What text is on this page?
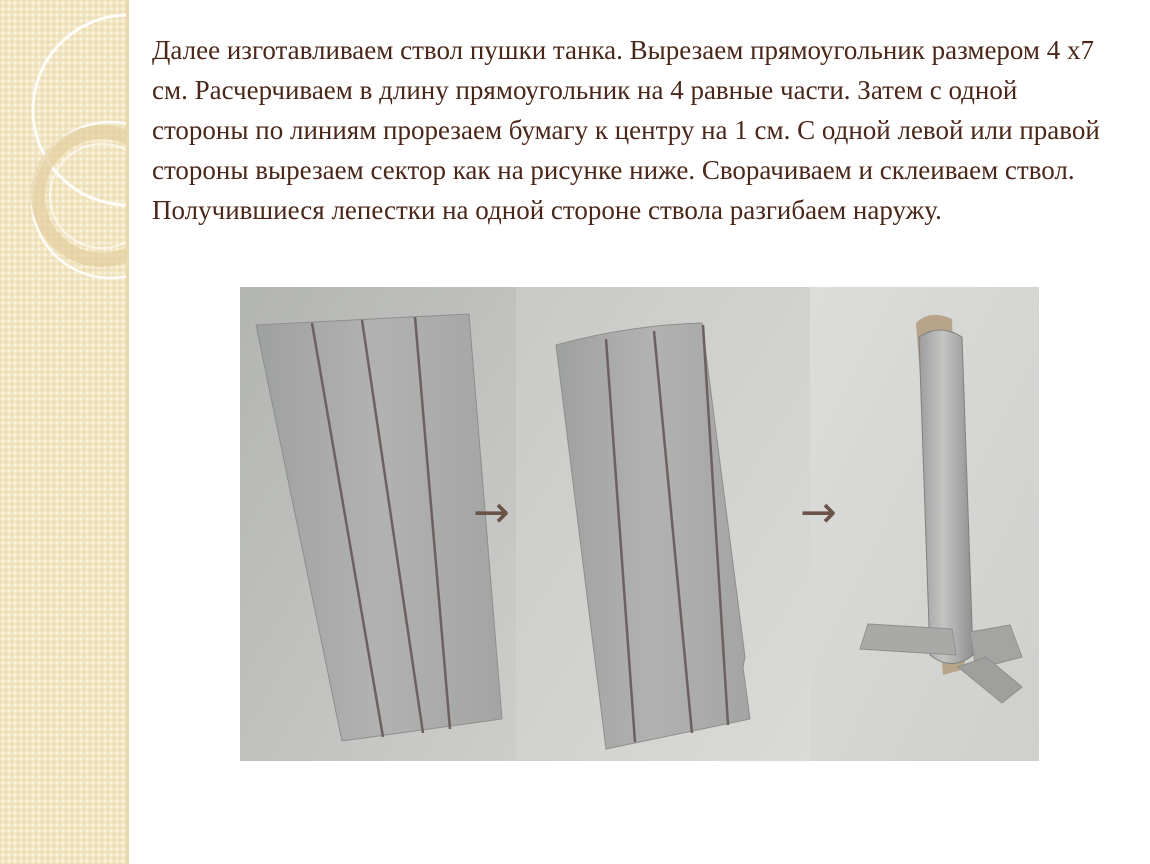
Далее изготавливаем ствол пушки танка. Вырезаем прямоугольник размером 4 х7 см. Расчерчиваем в длину прямоугольник на 4 равные части. Затем с одной стороны по линиям прорезаем бумагу к центру на 1 см. С одной левой или правой стороны вырезаем сектор как на рисунке ниже. Сворачиваем и склеиваем ствол. Получившиеся лепестки на одной стороне ствола разгибаем наружу.

→	→
